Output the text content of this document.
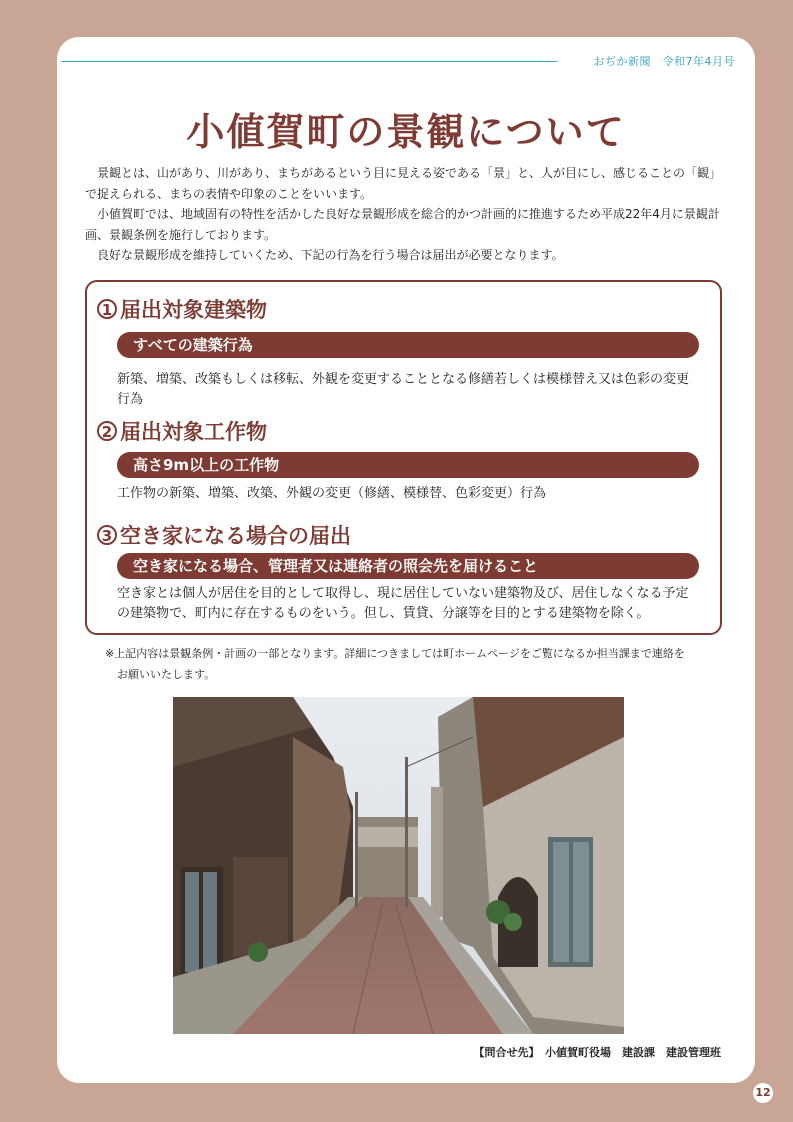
おぢか新聞　令和7年4月号
小値賀町の景観について

景観とは、山があり、川があり、まちがあるという目に見える姿である「景」と、人が目にし、感じることの「観」で捉えられる、まちの表情や印象のことをいいます。

小値賀町では、地域固有の特性を活かした良好な景観形成を総合的かつ計画的に推進するため平成22年4月に景観計画、景観条例を施行しております。

良好な景観形成を維持していくため、下記の行為を行う場合は届出が必要となります。

1 届出対象建築物
すべての建築行為
新築、増築、改築もしくは移転、外観を変更することとなる修繕若しくは模様替え又は色彩の変更行為
2 届出対象工作物
高さ9m以上の工作物
工作物の新築、増築、改築、外観の変更（修繕、模様替、色彩変更）行為
3 空き家になる場合の届出
空き家になる場合、管理者又は連絡者の照会先を届けること
空き家とは個人が居住を目的として取得し、現に居住していない建築物及び、居住しなくなる予定の建築物で、町内に存在するものをいう。但し、賃貸、分譲等を目的とする建築物を除く。
※上記内容は景観条例・計画の一部となります。詳細につきましては町ホームページをご覧になるか担当課まで連絡を
お願いいたします。
【問合せ先】　小値賀町役場　建設課　建設管理班
12
